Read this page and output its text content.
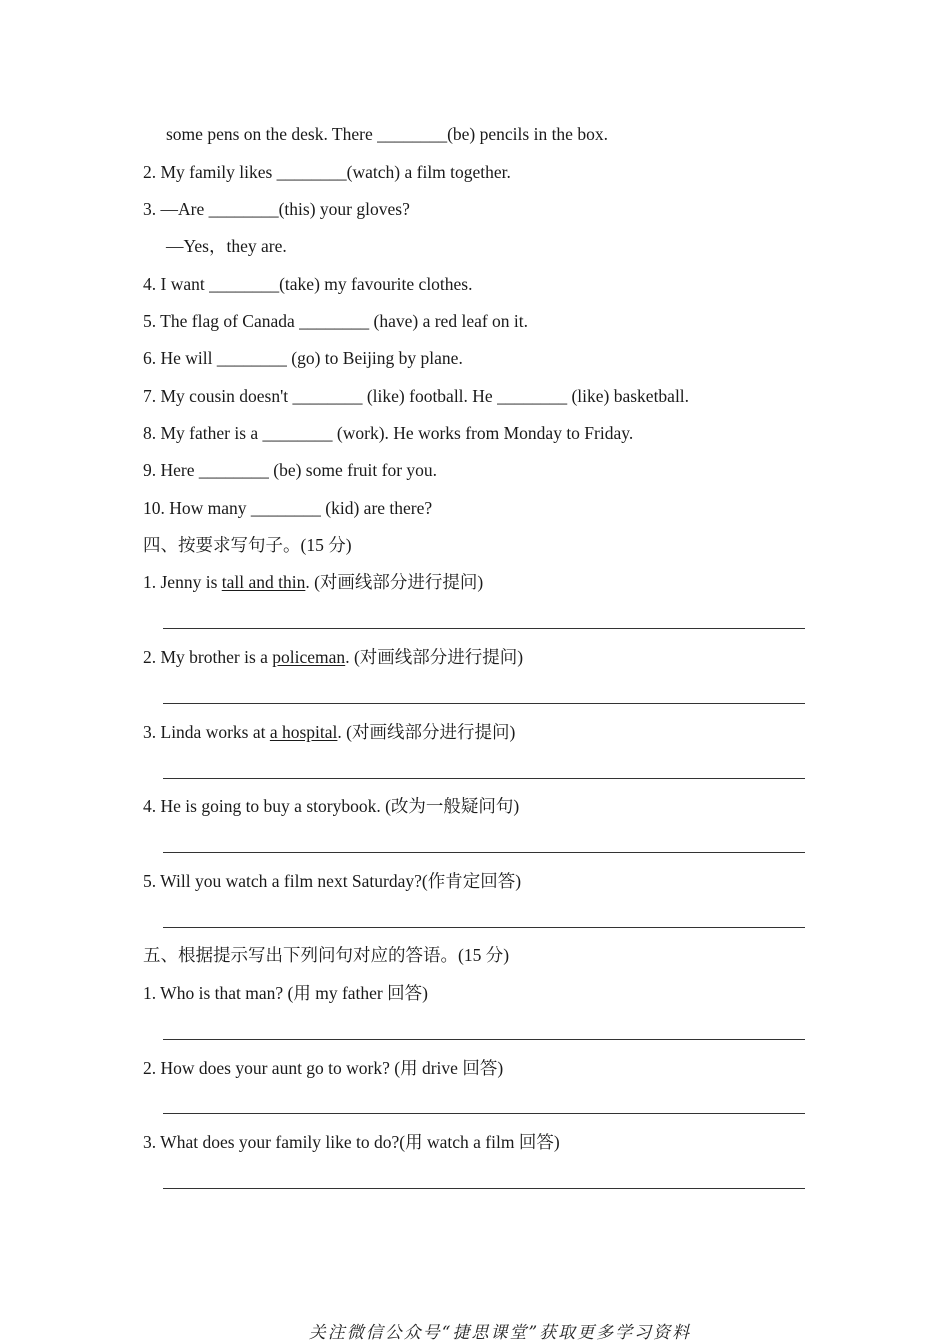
some pens on the desk. There ________(be) pencils in the box.
2. My family likes ________(watch) a film together.
3. —Are ________(this) your gloves?
—Yes，they are.
4. I want ________(take) my favourite clothes.
5. The flag of Canada ________ (have) a red leaf on it.
6. He will ________ (go) to Beijing by plane.
7. My cousin doesn't ________ (like) football. He ________ (like) basketball.
8. My father is a ________ (work). He works from Monday to Friday.
9. Here ________ (be) some fruit for you.
10. How many ________ (kid) are there?
四、按要求写句子。(15 分)
1. Jenny is tall and thin. (对画线部分进行提问)
2. My brother is a policeman. (对画线部分进行提问)
3. Linda works at a hospital. (对画线部分进行提问)
4. He is going to buy a storybook. (改为一般疑问句)
5. Will you watch a film next Saturday?(作肯定回答)
五、根据提示写出下列问句对应的答语。(15 分)
1. Who is that man? (用 my father 回答)
2. How does your aunt go to work? (用 drive 回答)
3. What does your family like to do?(用 watch a film 回答)
关注微信公众号“捷思课堂”获取更多学习资料
